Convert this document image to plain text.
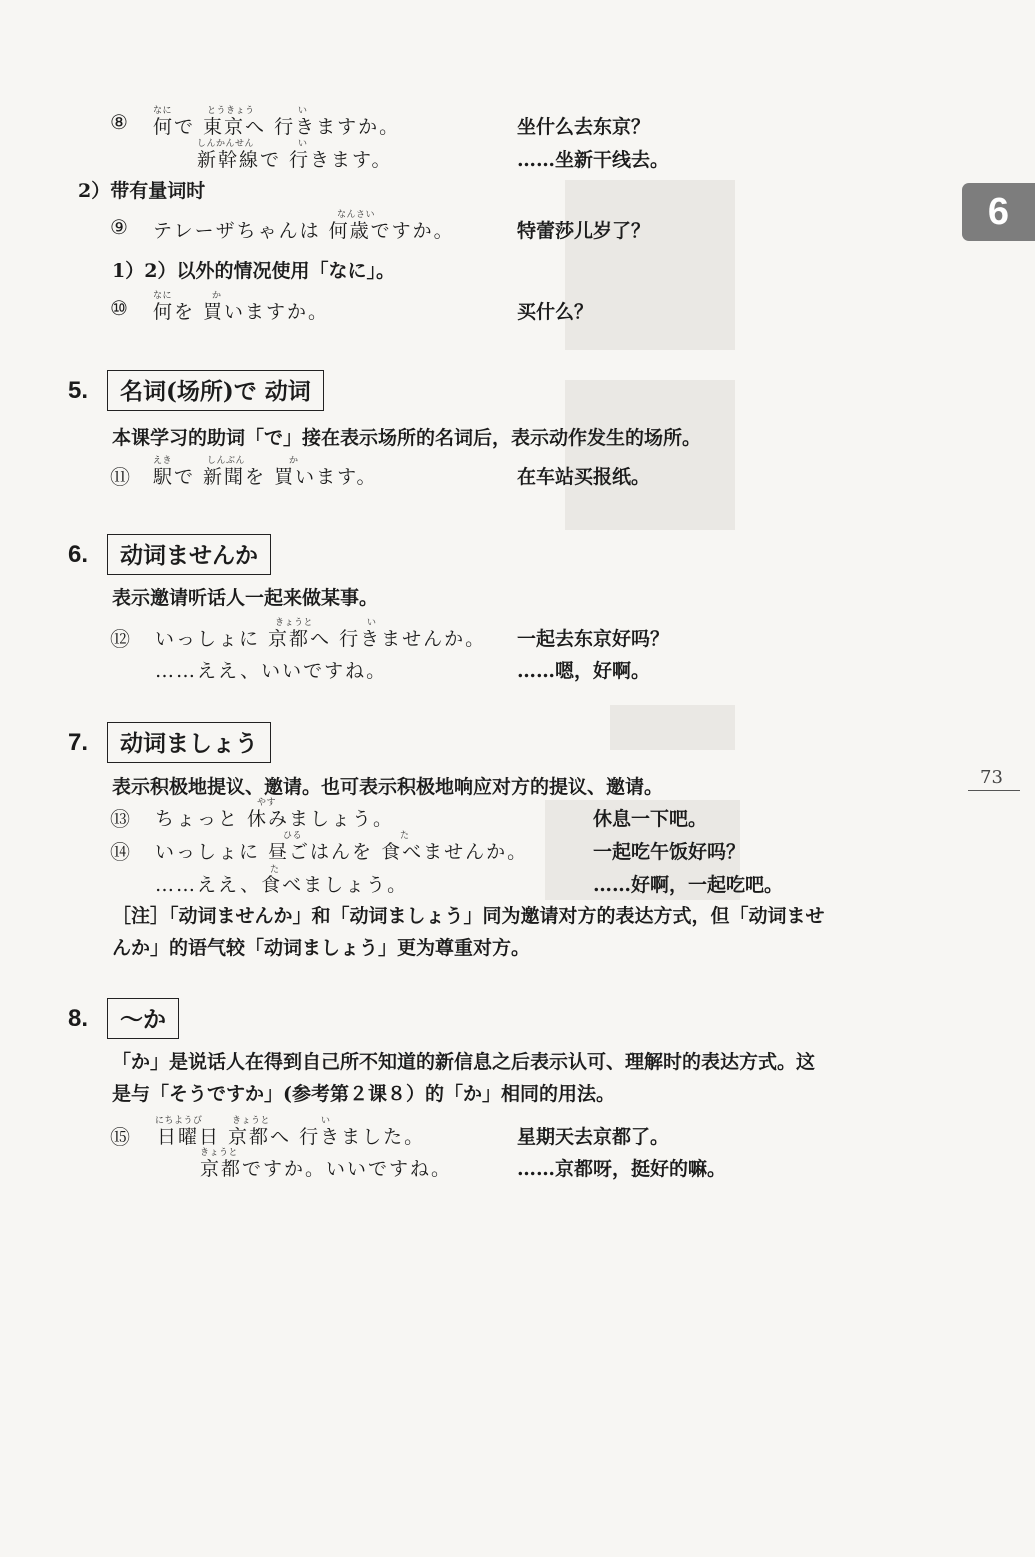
6
73
⑧	なに	とうきょう	い
何で 東京へ 行きますか。	坐什么去东京？
しんかんせん	い
新幹線で 行きます。	……坐新干线去。
2）带有量词时
⑨	なんさい
テレーザちゃんは 何歳ですか。	特蕾莎儿岁了？
1）2）以外的情况使用「なに」。
⑩	なに	か
何を 買いますか。	买什么？
5.	名词(场所)で 动词
本课学习的助词「で」接在表示场所的名词后，表示动作发生的场所。
⑪
えき	しんぶん	か
駅で 新聞を 買います。	在车站买报纸。
6.	动词ませんか
表示邀请听话人一起来做某事。
⑫
きょうと	い
いっしょに 京都へ 行きませんか。 一起去东京好吗？
……ええ、いいですね。	……嗯，好啊。
7.	动词ましょう
表示积极地提议、邀请。也可表示积极地响应对方的提议、邀请。
⑬
やす
ちょっと 休みましょう。	休息一下吧。
⑭
ひる	た
いっしょに 昼ごはんを 食べませんか。	一起吃午饭好吗？
た
……ええ、食べましょう。	……好啊，一起吃吧。
［注］「动词ませんか」和「动词ましょう」同为邀请对方的表达方式，但「动词ませ
んか」的语气较「动词ましょう」更为尊重对方。
8.	～か
「か」是说话人在得到自己所不知道的新信息之后表示认可、理解时的表达方式。这
是与「そうですか」(参考第２课８）的「か」相同的用法。
⑮
にちようび	きょうと	い
日曜日 京都へ 行きました。	星期天去京都了。
きょうと
京都ですか。いいですね。	……京都呀，挺好的嘛。
